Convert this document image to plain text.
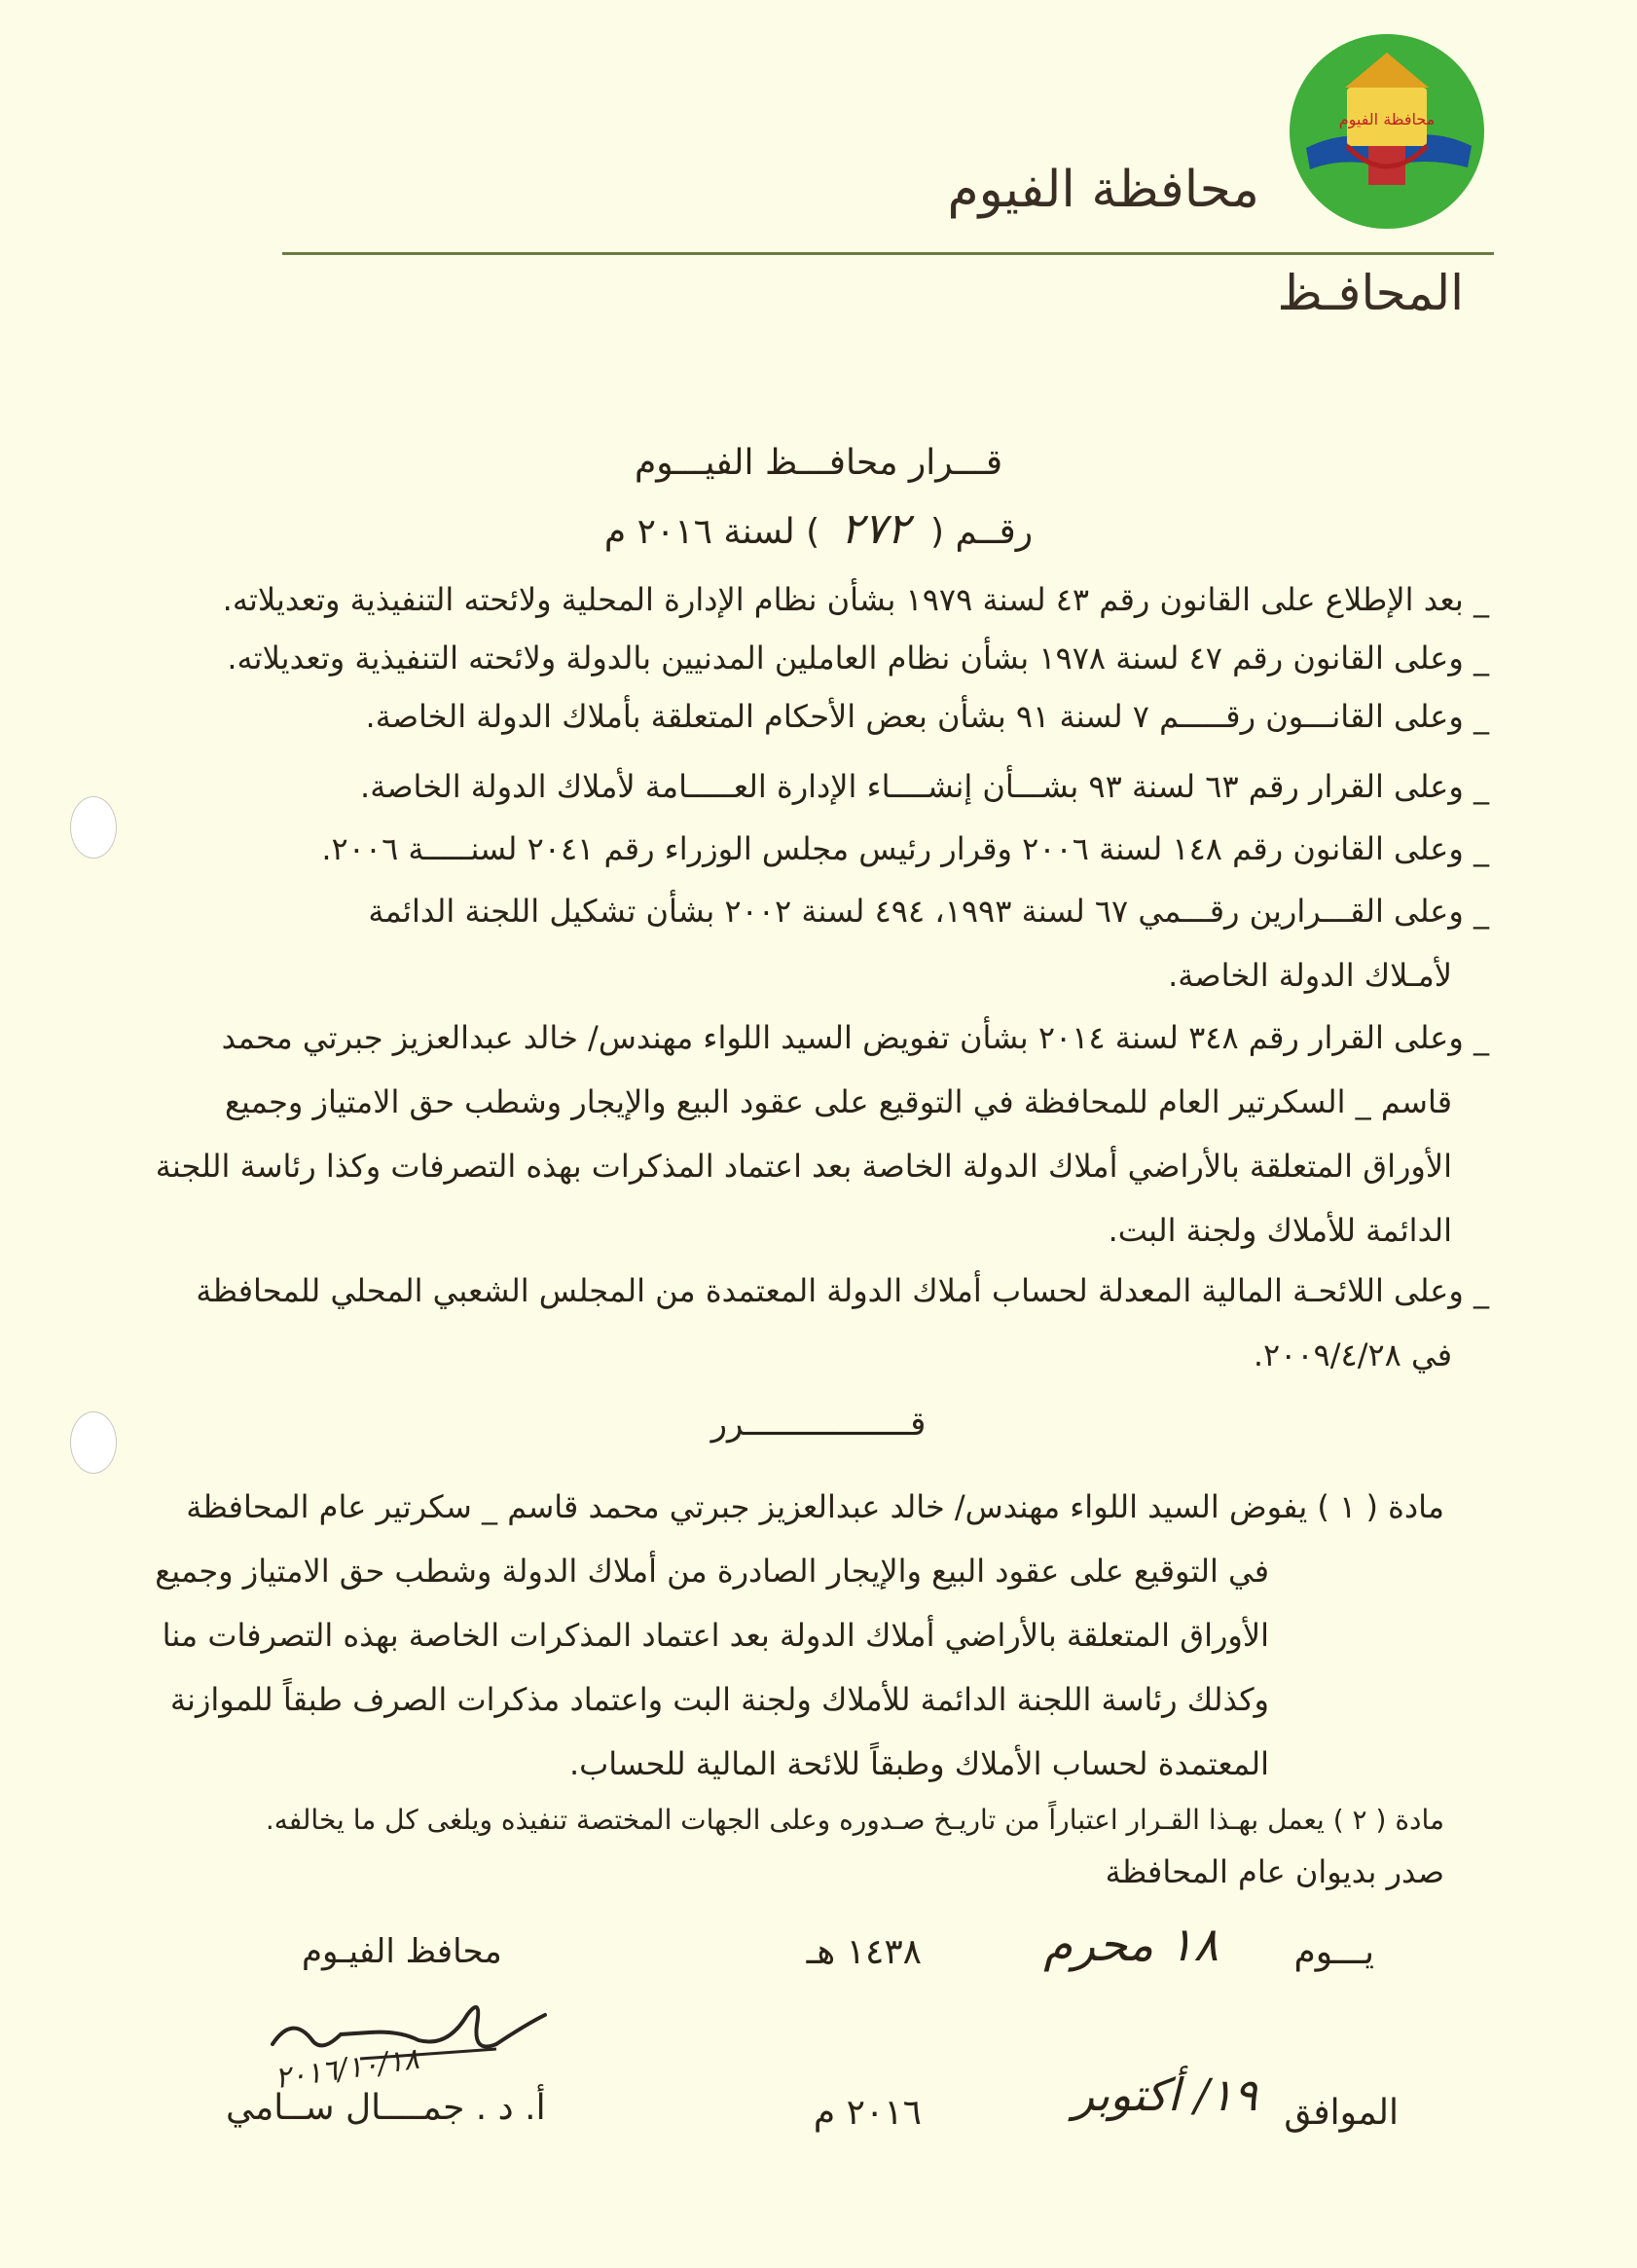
محافظة الفيوم
محافظة الفيوم
المحافـظ
قـــرار محافـــظ الفيـــوم
رقــم ( ٢٧٢ ) لسنة ٢٠١٦ م
_ بعد الإطلاع على القانون رقم ٤٣ لسنة ١٩٧٩ بشأن نظام الإدارة المحلية ولائحته التنفيذية وتعديلاته.
_ وعلى القانون رقم ٤٧ لسنة ١٩٧٨ بشأن نظام العاملين المدنيين بالدولة ولائحته التنفيذية وتعديلاته.
_ وعلى القانـــون رقـــــم ٧ لسنة ٩١ بشأن بعض الأحكام المتعلقة بأملاك الدولة الخاصة.
_ وعلى القرار رقم ٦٣ لسنة ٩٣ بشـــأن إنشــــاء الإدارة العـــــامة لأملاك الدولة الخاصة.
_ وعلى القانون رقم ١٤٨ لسنة ٢٠٠٦ وقرار رئيس مجلس الوزراء رقم ٢٠٤١ لسنـــــة ٢٠٠٦.
_ وعلى القـــرارين رقـــمي ٦٧ لسنة ١٩٩٣، ٤٩٤ لسنة ٢٠٠٢ بشأن تشكيل اللجنة الدائمة
لأمـلاك الدولة الخاصة.
_ وعلى القرار رقم ٣٤٨ لسنة ٢٠١٤ بشأن تفويض السيد اللواء مهندس/ خالد عبدالعزيز جبرتي محمد
قاسم _ السكرتير العام للمحافظة في التوقيع على عقود البيع والإيجار وشطب حق الامتياز وجميع
الأوراق المتعلقة بالأراضي أملاك الدولة الخاصة بعد اعتماد المذكرات بهذه التصرفات وكذا رئاسة اللجنة
الدائمة للأملاك ولجنة البت.
_ وعلى اللائحـة المالية المعدلة لحساب أملاك الدولة المعتمدة من المجلس الشعبي المحلي للمحافظة
في ٢٠٠٩/٤/٢٨.
قـــــــــــــــــرر
مادة ( ١ ) يفوض السيد اللواء مهندس/ خالد عبدالعزيز جبرتي محمد قاسم _ سكرتير عام المحافظة
في التوقيع على عقود البيع والإيجار الصادرة من أملاك الدولة وشطب حق الامتياز وجميع
الأوراق المتعلقة بالأراضي أملاك الدولة بعد اعتماد المذكرات الخاصة بهذه التصرفات منا
وكذلك رئاسة اللجنة الدائمة للأملاك ولجنة البت واعتماد مذكرات الصرف طبقاً للموازنة
المعتمدة لحساب الأملاك وطبقاً للائحة المالية للحساب.
مادة ( ٢ ) يعمل بهـذا القـرار اعتباراً من تاريـخ صـدوره وعلى الجهات المختصة تنفيذه ويلغى كل ما يخالفه.
صدر بديوان عام المحافظة
يـــوم
١٨ محرم
١٤٣٨ هـ
الموافق
١٩/ أكتوبر
٢٠١٦ م
محافظ الفيـوم
٢٠١٦/١٠/١٨
أ. د . جمــــال ســامي
